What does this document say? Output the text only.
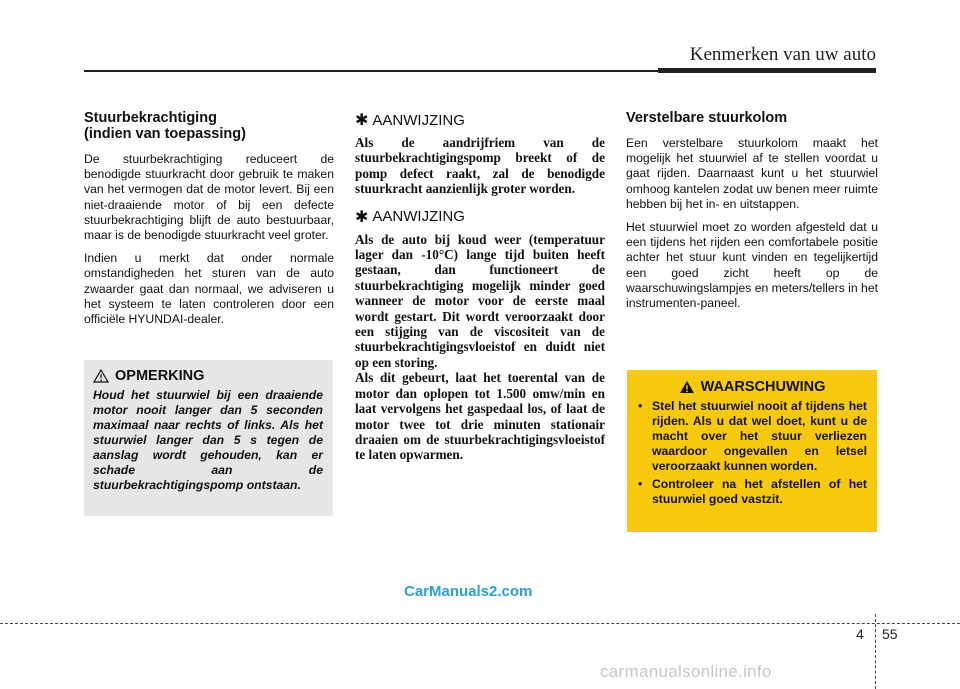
Kenmerken van uw auto
Stuurbekrachtiging
(indien van toepassing)

De stuurbekrachtiging reduceert de benodigde stuurkracht door gebruik te maken van het vermogen dat de motor levert. Bij een niet-draaiende motor of bij een defecte stuurbekrachtiging blijft de auto bestuurbaar, maar is de benodigde stuurkracht veel groter.

Indien u merkt dat onder normale omstandigheden het sturen van de auto zwaarder gaat dan normaal, we adviseren u het systeem te laten controleren door een officiële HYUNDAI-dealer.

OPMERKING

Houd het stuurwiel bij een draaiende motor nooit langer dan 5 seconden maximaal naar rechts of links. Als het stuurwiel langer dan 5 s tegen de aanslag wordt gehouden, kan er schade aan de stuurbekrachtigingspomp ontstaan.

✱ AANWIJZING

Als de aandrijfriem van de stuurbekrachtigingspomp breekt of de pomp defect raakt, zal de benodigde stuurkracht aanzienlijk groter worden.

✱ AANWIJZING

Als de auto bij koud weer (temperatuur lager dan -10°C) lange tijd buiten heeft gestaan, dan functioneert de stuurbekrachtiging mogelijk minder goed wanneer de motor voor de eerste maal wordt gestart. Dit wordt veroorzaakt door een stijging van de viscositeit van de stuurbekrachtigingsvloeistof en duidt niet op een storing.

Als dit gebeurt, laat het toerental van de motor dan oplopen tot 1.500 omw/min en laat vervolgens het gaspedaal los, of laat de motor twee tot drie minuten stationair draaien om de stuurbekrachtigingsvloeistof te laten opwarmen.

Verstelbare stuurkolom

Een verstelbare stuurkolom maakt het mogelijk het stuurwiel af te stellen voordat u gaat rijden. Daarnaast kunt u het stuurwiel omhoog kantelen zodat uw benen meer ruimte hebben bij het in- en uitstappen.

Het stuurwiel moet zo worden afgesteld dat u een tijdens het rijden een comfortabele positie achter het stuur kunt vinden en tegelijkertijd een goed zicht heeft op de waarschuwingslampjes en meters/tellers in het instrumenten-paneel.

WAARSCHUWING
• Stel het stuurwiel nooit af tijdens het rijden. Als u dat wel doet, kunt u de macht over het stuur verliezen waardoor ongevallen en letsel veroorzaakt kunnen worden.
• Controleer na het afstellen of het stuurwiel goed vastzit.
CarManuals2.com
4 55
carmanualsonline.info
